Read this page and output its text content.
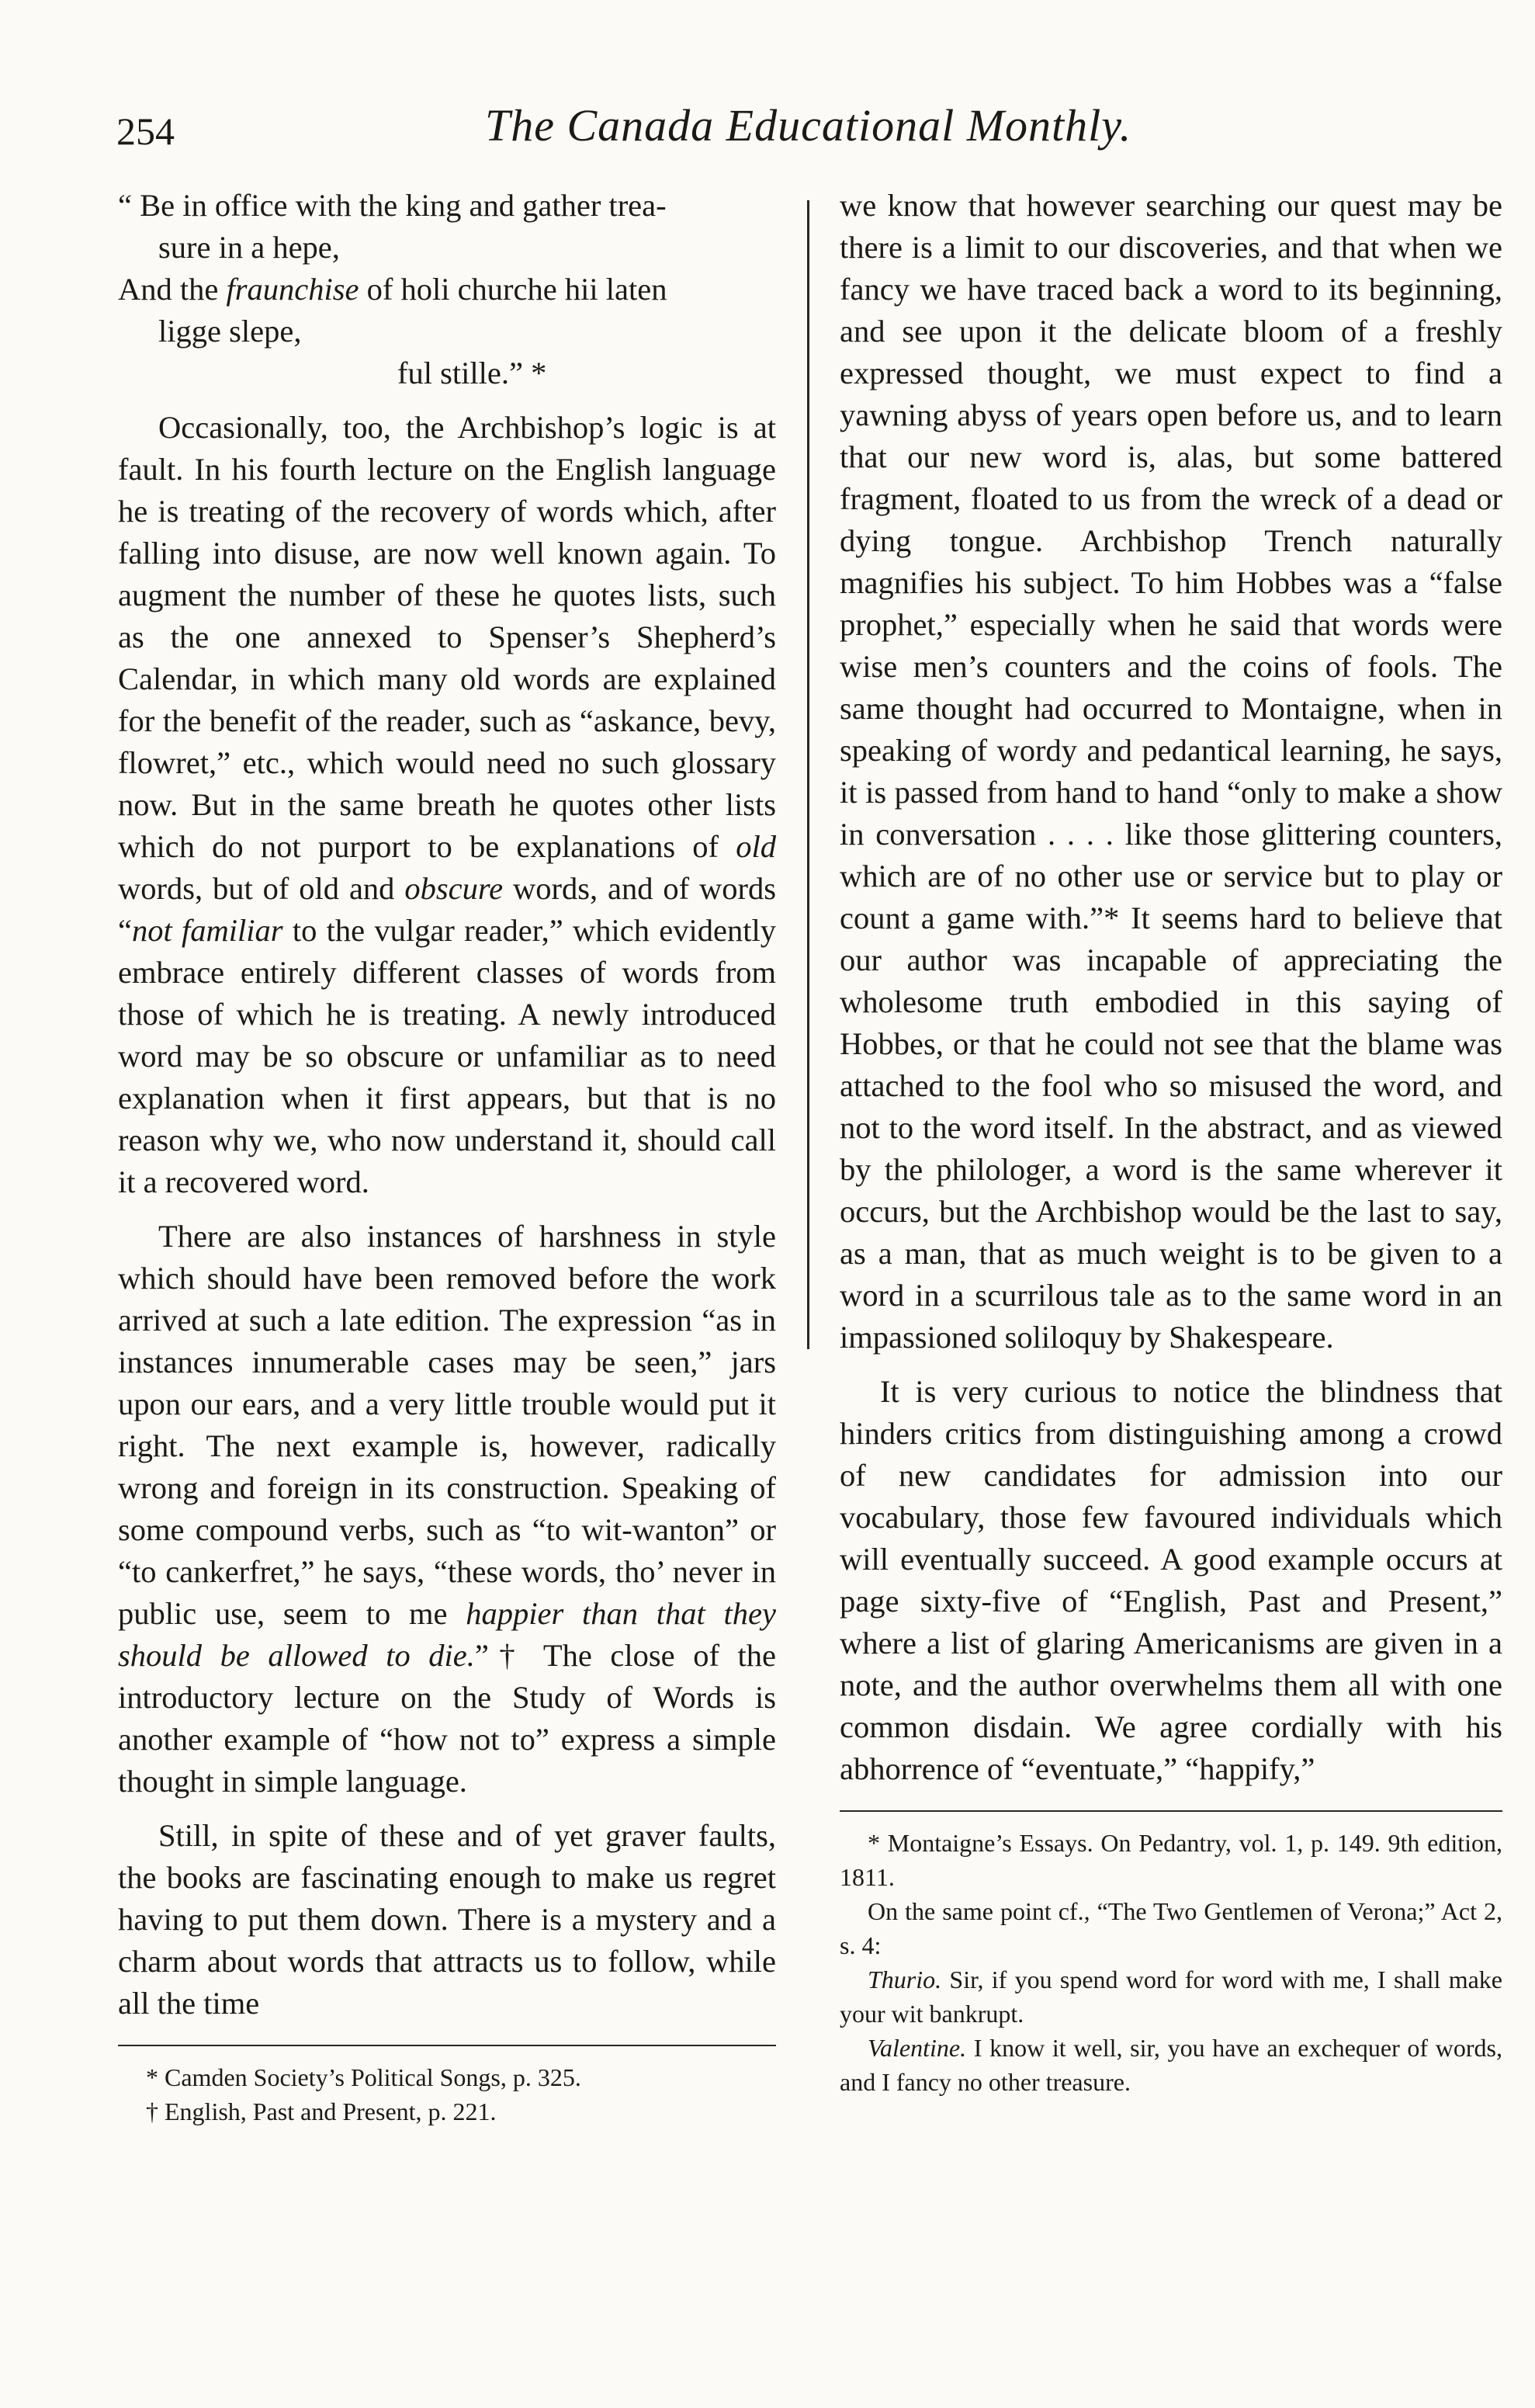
254	The Canada Educational Monthly.
“ Be in office with the king and gather trea-
sure in a hepe,
And the fraunchise of holi churche hii laten
ligge slepe,
ful stille.” *

Occasionally, too, the Archbishop’s logic is at fault. In his fourth lecture on the English language he is treating of the recovery of words which, after falling into disuse, are now well known again. To augment the number of these he quotes lists, such as the one annexed to Spenser’s Shepherd’s Calendar, in which many old words are explained for the benefit of the reader, such as “askance, bevy, flowret,” etc., which would need no such glossary now. But in the same breath he quotes other lists which do not purport to be explanations of old words, but of old and obscure words, and of words “not familiar to the vulgar reader,” which evidently embrace entirely different classes of words from those of which he is treating. A newly introduced word may be so obscure or unfamiliar as to need explanation when it first appears, but that is no reason why we, who now understand it, should call it a recovered word.

There are also instances of harshness in style which should have been removed before the work arrived at such a late edition. The expression “as in instances innumerable cases may be seen,” jars upon our ears, and a very little trouble would put it right. The next example is, however, radically wrong and foreign in its construction. Speaking of some compound verbs, such as “to wit-wanton” or “to cankerfret,” he says, “these words, tho’ never in public use, seem to me happier than that they should be allowed to die.”† The close of the introductory lecture on the Study of Words is another example of “how not to” express a simple thought in simple language.

Still, in spite of these and of yet graver faults, the books are fascinating enough to make us regret having to put them down. There is a mystery and a charm about words that attracts us to follow, while all the time

* Camden Society’s Political Songs, p. 325.

† English, Past and Present, p. 221.

we know that however searching our quest may be there is a limit to our discoveries, and that when we fancy we have traced back a word to its beginning, and see upon it the delicate bloom of a freshly expressed thought, we must expect to find a yawning abyss of years open before us, and to learn that our new word is, alas, but some battered fragment, floated to us from the wreck of a dead or dying tongue. Archbishop Trench naturally magnifies his subject. To him Hobbes was a “false prophet,” especially when he said that words were wise men’s counters and the coins of fools. The same thought had occurred to Montaigne, when in speaking of wordy and pedantical learning, he says, it is passed from hand to hand “only to make a show in conversation . . . . like those glittering counters, which are of no other use or service but to play or count a game with.”* It seems hard to believe that our author was incapable of appreciating the wholesome truth embodied in this saying of Hobbes, or that he could not see that the blame was attached to the fool who so misused the word, and not to the word itself. In the abstract, and as viewed by the philologer, a word is the same wherever it occurs, but the Archbishop would be the last to say, as a man, that as much weight is to be given to a word in a scurrilous tale as to the same word in an impassioned soliloquy by Shakespeare.

It is very curious to notice the blindness that hinders critics from distinguishing among a crowd of new candidates for admission into our vocabulary, those few favoured individuals which will eventually succeed. A good example occurs at page sixty-five of “English, Past and Present,” where a list of glaring Americanisms are given in a note, and the author overwhelms them all with one common disdain. We agree cordially with his abhorrence of “eventuate,” “happify,”

* Montaigne’s Essays. On Pedantry, vol. 1, p. 149. 9th edition, 1811.

On the same point cf., “The Two Gentlemen of Verona;” Act 2, s. 4:

Thurio. Sir, if you spend word for word with me, I shall make your wit bankrupt.

Valentine. I know it well, sir, you have an exchequer of words, and I fancy no other treasure.
